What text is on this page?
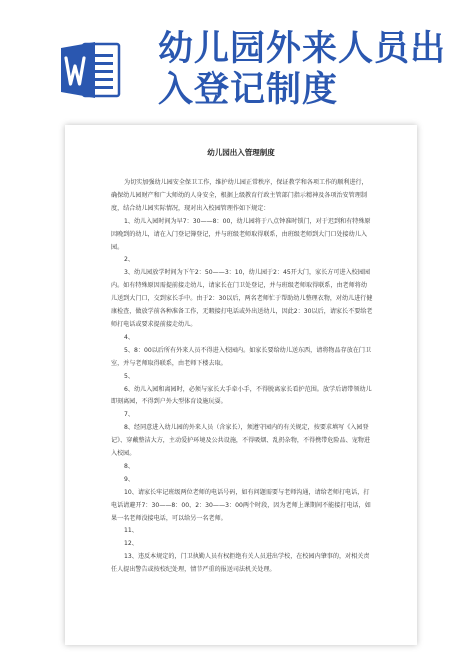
幼儿园外来人员出入登记制度
幼儿园出入管理制度

为切实加强幼儿园安全保卫工作，维护幼儿园正常秩序，保证教学和各项工作的顺利进行，确保幼儿园财产和广大师幼的人身安全，根据上级教育行政主管部门指示精神及各项治安管理制度，结合幼儿园实际情况，现对出入校园管理作如下规定：

1、幼儿入园时间为早7：30——8：00，幼儿园将于八点钟准时锁门，对于迟到和有特殊原因晚到的幼儿，请在入门登记簿登记，并与班级老师取得联系，由班级老师到大门口处接幼儿入园。

2、

3、幼儿园放学时间为下午2：50——3：10，幼儿园于2：45开大门，家长方可进入校园园内。如有特殊原因需提前接走幼儿，请家长在门卫处登记，并与班级老师取得联系，由老师将幼儿送到大门口，交到家长手中。由于2：30以后，两名老师忙于帮助幼儿整理衣物，对幼儿进行健康检查，做放学前各种准备工作，无暇接打电话或外出送幼儿，因此2：30以后，请家长不要给老师打电话或要求提前接走幼儿。

4、

5、8：00以后所有外来人员不得进入校园内。如家长要给幼儿送东西，请将物品存放在门卫室，并与老师取得联系，由老师下楼去取。

5、

6、幼儿入园和离园时，必须与家长大手牵小手，不得脱离家长看护范围。放学后请带领幼儿即刻离园，不得到户外大型体育设施玩耍。

7、

8、经同意进入幼儿园的外来人员（含家长），须遵守园内的有关规定，按要求填写《入园登记》、穿戴整洁大方，主动爱护环境及公共设施，不得吸烟、乱扔杂物，不得携带危险品、宠物进入校园。

8、

9、

10、请家长牢记班级两位老师的电话号码，如有问题需要与老师沟通，请给老师打电话，打电话请避开7：30——8：00、2：30——3：00两个时段，因为老师上课期间不能接打电话，如果一名老师没接电话，可以给另一名老师。

11、

12、

13、违反本规定的，门卫执勤人员有权拒绝有关人员进出学校，在校园内肇事的，对相关责任人提出警告或按校纪处理，情节严重的报送司法机关处理。
